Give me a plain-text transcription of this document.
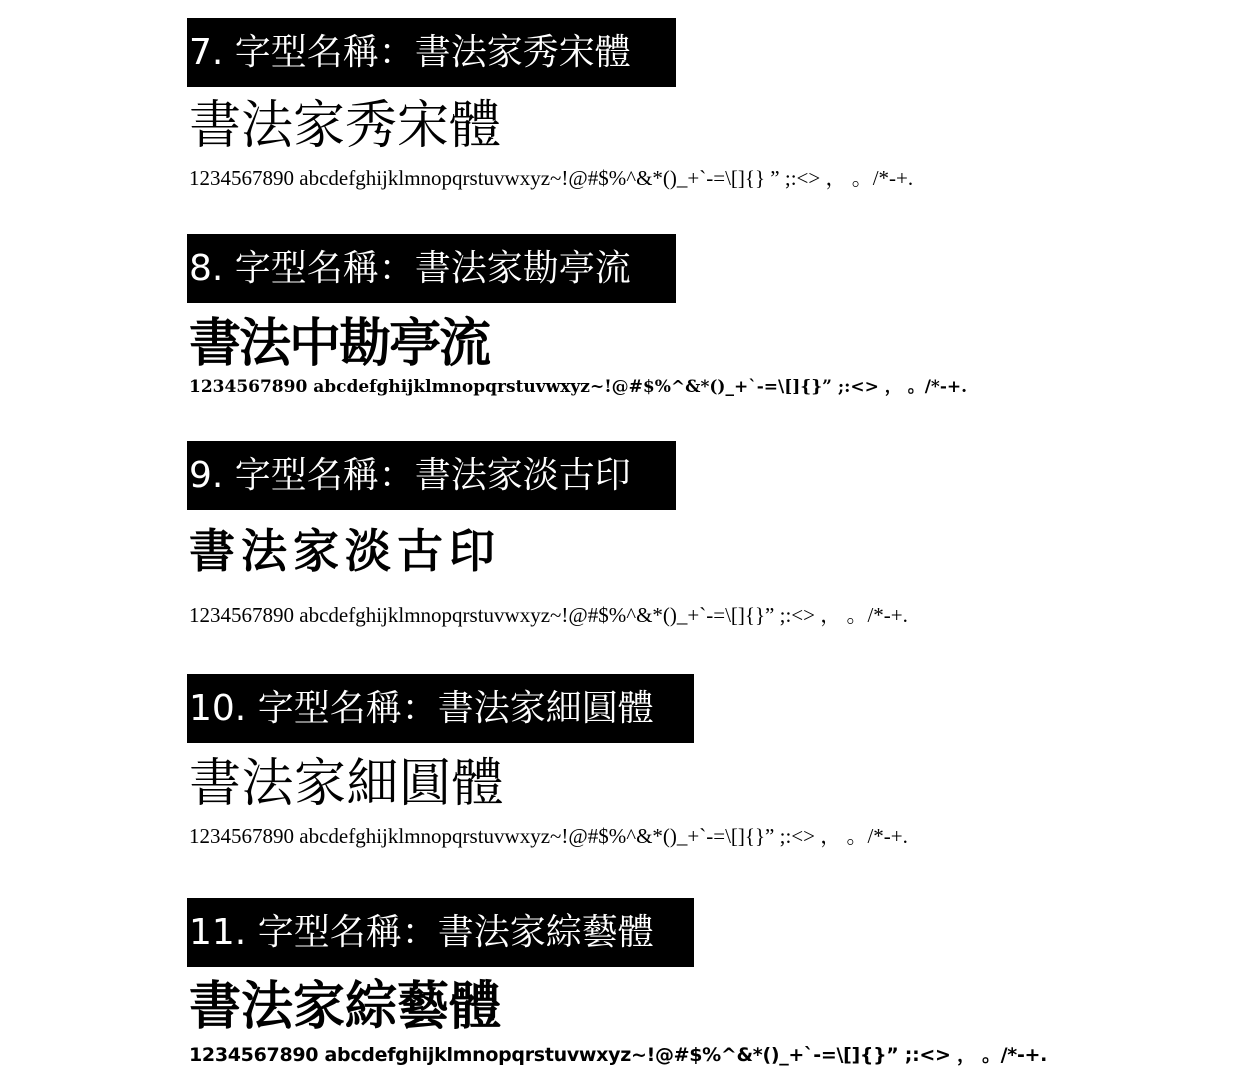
7. 字型名稱：書法家秀宋體
書法家秀宋體
1234567890 abcdefghijklmnopqrstuvwxyz~!@#$%^&*()_+`-=\[]{} ” ;:<> ， 。/*-+.
8. 字型名稱：書法家勘亭流
書法中勘亭流
1234567890 abcdefghijklmnopqrstuvwxyz~!@#$%^&*()_+`-=\[]{}” ;:<> ， 。/*-+.
9. 字型名稱：書法家淡古印
書法家淡古印
1234567890 abcdefghijklmnopqrstuvwxyz~!@#$%^&*()_+`-=\[]{}” ;:<> ， 。/*-+.
10. 字型名稱：書法家細圓體
書法家細圓體
1234567890 abcdefghijklmnopqrstuvwxyz~!@#$%^&*()_+`-=\[]{}” ;:<> ， 。/*-+.
11. 字型名稱：書法家綜藝體
書法家綜藝體
1234567890 abcdefghijklmnopqrstuvwxyz~!@#$%^&*()_+`-=\[]{}” ;:<> ， 。/*-+.
